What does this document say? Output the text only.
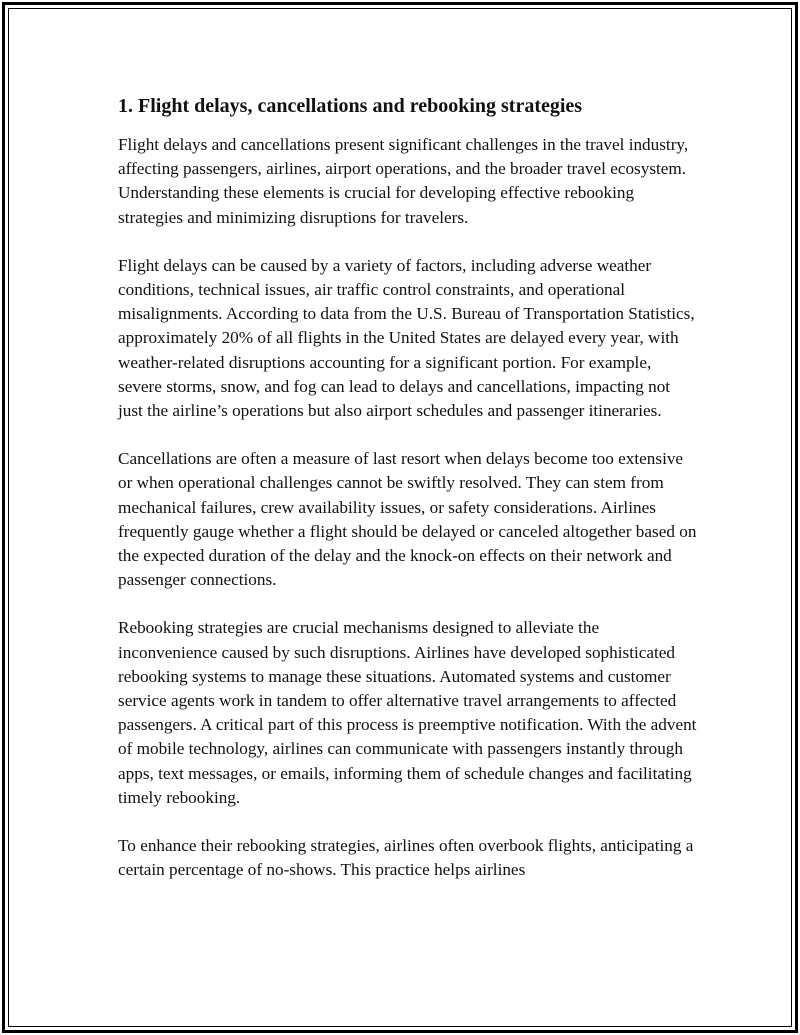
1. Flight delays, cancellations and rebooking strategies

Flight delays and cancellations present significant challenges in the travel industry, affecting passengers, airlines, airport operations, and the broader travel ecosystem. Understanding these elements is crucial for developing effective rebooking strategies and minimizing disruptions for travelers.

Flight delays can be caused by a variety of factors, including adverse weather conditions, technical issues, air traffic control constraints, and operational misalignments. According to data from the U.S. Bureau of Transportation Statistics, approximately 20% of all flights in the United States are delayed every year, with weather-related disruptions accounting for a significant portion. For example, severe storms, snow, and fog can lead to delays and cancellations, impacting not just the airline’s operations but also airport schedules and passenger itineraries.

Cancellations are often a measure of last resort when delays become too extensive or when operational challenges cannot be swiftly resolved. They can stem from mechanical failures, crew availability issues, or safety considerations. Airlines frequently gauge whether a flight should be delayed or canceled altogether based on the expected duration of the delay and the knock-on effects on their network and passenger connections.

Rebooking strategies are crucial mechanisms designed to alleviate the inconvenience caused by such disruptions. Airlines have developed sophisticated rebooking systems to manage these situations. Automated systems and customer service agents work in tandem to offer alternative travel arrangements to affected passengers. A critical part of this process is preemptive notification. With the advent of mobile technology, airlines can communicate with passengers instantly through apps, text messages, or emails, informing them of schedule changes and facilitating timely rebooking.

To enhance their rebooking strategies, airlines often overbook flights, anticipating a certain percentage of no-shows. This practice helps airlines
